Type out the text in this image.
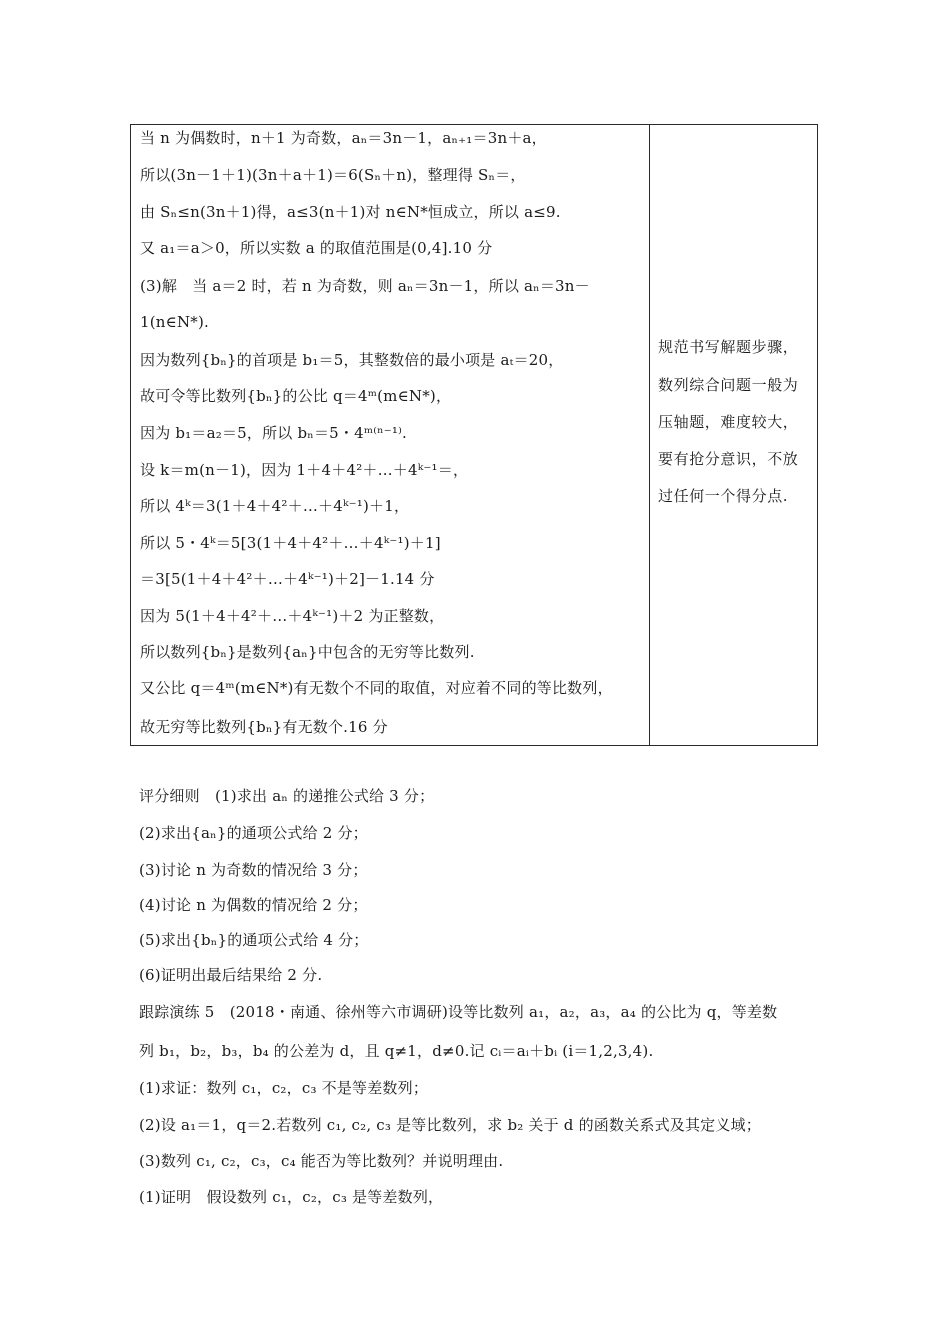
当 n 为偶数时，n＋1 为奇数，aₙ＝3n－1，aₙ₊₁＝3n＋a，
所以(3n－1＋1)(3n＋a＋1)＝6(Sₙ＋n)，整理得 Sₙ＝，
由 Sₙ≤n(3n＋1)得，a≤3(n＋1)对 n∈N*恒成立，所以 a≤9.
又 a₁＝a＞0，所以实数 a 的取值范围是(0,4].10 分
(3)解　当 a＝2 时，若 n 为奇数，则 aₙ＝3n－1，所以 aₙ＝3n－
1(n∈N*).
因为数列{bₙ}的首项是 b₁＝5，其整数倍的最小项是 aₜ＝20，
故可令等比数列{bₙ}的公比 q＝4ᵐ(m∈N*)，
因为 b₁＝a₂＝5，所以 bₙ＝5・4ᵐ⁽ⁿ⁻¹⁾.
设 k＝m(n－1)，因为 1＋4＋4²＋…＋4ᵏ⁻¹＝，
所以 4ᵏ＝3(1＋4＋4²＋…＋4ᵏ⁻¹)＋1，
所以 5・4ᵏ＝5[3(1＋4＋4²＋…＋4ᵏ⁻¹)＋1]
＝3[5(1＋4＋4²＋…＋4ᵏ⁻¹)＋2]－1.14 分
因为 5(1＋4＋4²＋…＋4ᵏ⁻¹)＋2 为正整数，
所以数列{bₙ}是数列{aₙ}中包含的无穷等比数列.
又公比 q＝4ᵐ(m∈N*)有无数个不同的取值，对应着不同的等比数列，
故无穷等比数列{bₙ}有无数个.16 分
规范书写解题步骤，
数列综合问题一般为
压轴题，难度较大，
要有抢分意识，不放
过任何一个得分点.
评分细则　(1)求出 aₙ 的递推公式给 3 分；
(2)求出{aₙ}的通项公式给 2 分；
(3)讨论 n 为奇数的情况给 3 分；
(4)讨论 n 为偶数的情况给 2 分；
(5)求出{bₙ}的通项公式给 4 分；
(6)证明出最后结果给 2 分.
跟踪演练 5　(2018・南通、徐州等六市调研)设等比数列 a₁，a₂，a₃，a₄ 的公比为 q，等差数
列 b₁，b₂，b₃，b₄ 的公差为 d，且 q≠1，d≠0.记 cᵢ＝aᵢ＋bᵢ (i＝1,2,3,4).
(1)求证：数列 c₁，c₂，c₃ 不是等差数列；
(2)设 a₁＝1，q＝2.若数列 c₁, c₂, c₃ 是等比数列，求 b₂ 关于 d 的函数关系式及其定义域；
(3)数列 c₁, c₂，c₃，c₄ 能否为等比数列？并说明理由.
(1)证明　假设数列 c₁，c₂，c₃ 是等差数列，
